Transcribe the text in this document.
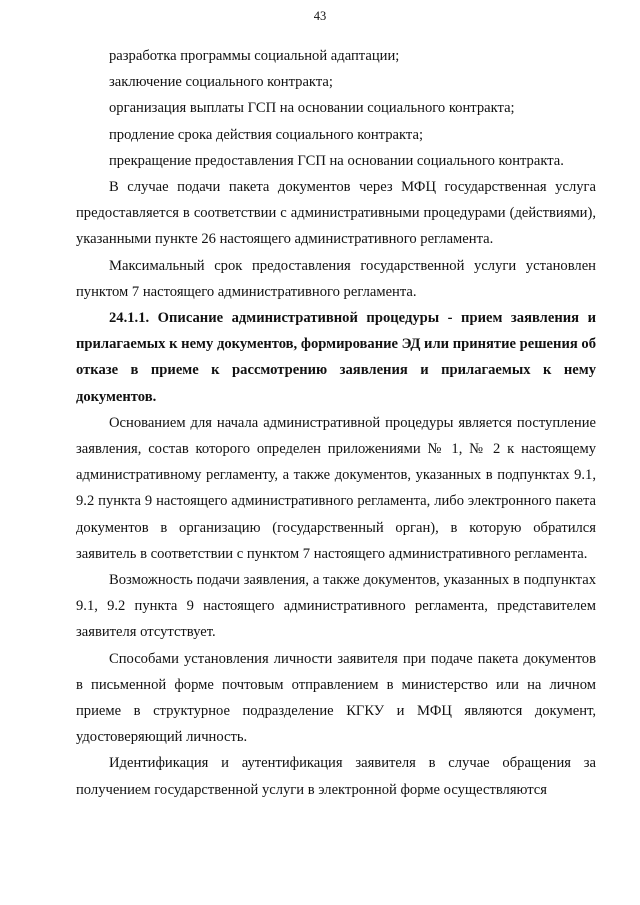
43

разработка программы социальной адаптации;

заключение социального контракта;

организация выплаты ГСП на основании социального контракта;

продление срока действия социального контракта;

прекращение предоставления ГСП на основании социального контракта.

В случае подачи пакета документов через МФЦ государственная услуга предоставляется в соответствии с административными процедурами (действиями), указанными пункте 26 настоящего административного регламента.

Максимальный срок предоставления государственной услуги установлен пунктом 7 настоящего административного регламента.

24.1.1. Описание административной процедуры - прием заявления и прилагаемых к нему документов, формирование ЭД или принятие решения об отказе в приеме к рассмотрению заявления и прилагаемых к нему документов.

Основанием для начала административной процедуры является поступление заявления, состав которого определен приложениями № 1, № 2 к настоящему административному регламенту, а также документов, указанных в подпунктах 9.1, 9.2 пункта 9 настоящего административного регламента, либо электронного пакета документов в организацию (государственный орган), в которую обратился заявитель в соответствии с пунктом 7 настоящего административного регламента.

Возможность подачи заявления, а также документов, указанных в подпунктах 9.1, 9.2 пункта 9 настоящего административного регламента, представителем заявителя отсутствует.

Способами установления личности заявителя при подаче пакета документов в письменной форме почтовым отправлением в министерство или на личном приеме в структурное подразделение КГКУ и МФЦ являются документ, удостоверяющий личность.

Идентификация и аутентификация заявителя в случае обращения за получением государственной услуги в электронной форме осуществляются
